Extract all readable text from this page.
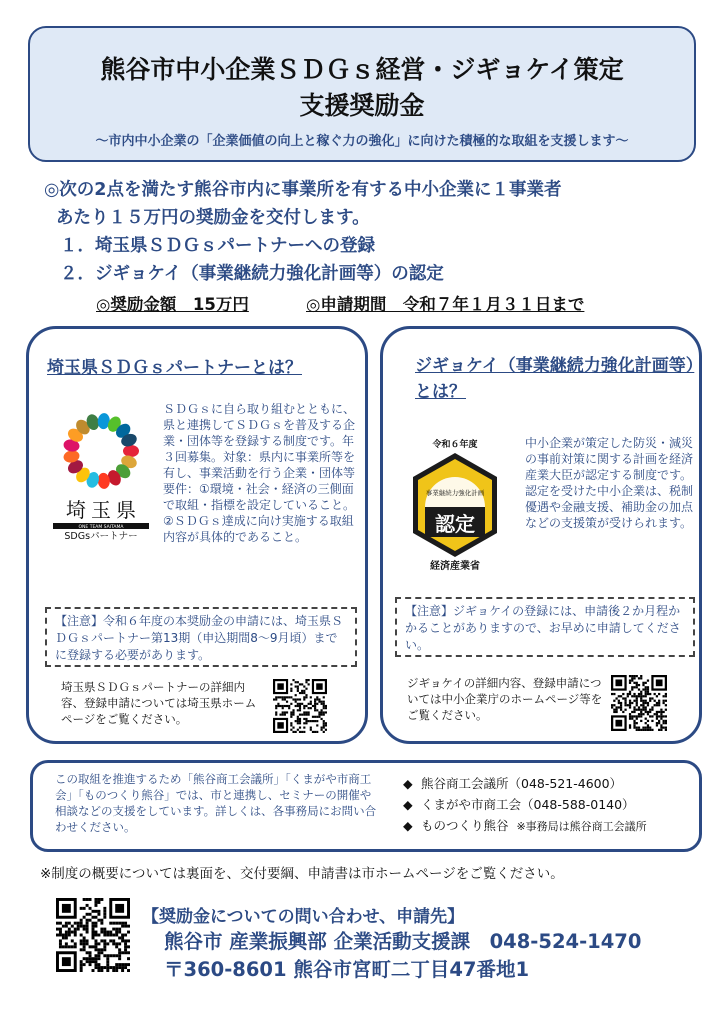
熊谷市中小企業ＳＤＧｓ経営・ジギョケイ策定
支援奨励金
～市内中小企業の「企業価値の向上と稼ぐ力の強化」に向けた積極的な取組を支援します～
◎次の2点を満たす熊谷市内に事業所を有する中小企業に１事業者
あたり１５万円の奨励金を交付します。
１．埼玉県ＳＤＧｓパートナーへの登録
２．ジギョケイ（事業継続力強化計画等）の認定
◎奨励金額　15万円	◎申請期間　令和７年１月３１日まで
埼玉県ＳＤＧｓパートナーとは？
埼 玉 県
ONE TEAM SAITAMA
SDGsパートナー
ＳＤＧｓに自ら取り組むとともに、県と連携してＳＤＧｓを普及する企業・団体等を登録する制度です。年３回募集。対象：県内に事業所等を有し、事業活動を行う企業・団体等　要件：①環境・社会・経済の三側面で取組・指標を設定していること。②ＳＤＧｓ達成に向け実施する取組内容が具体的であること。
【注意】令和６年度の本奨励金の申請には、埼玉県ＳＤＧｓパートナー第13期（申込期間8～9月頃）までに登録する必要があります。
埼玉県ＳＤＧｓパートナーの詳細内容、登録申請については埼玉県ホームページをご覧ください。
ジギョケイ（事業継続力強化計画等）とは？
令和６年度
認定
事業継続力強化計画
経済産業省
中小企業が策定した防災・減災の事前対策に関する計画を経済産業大臣が認定する制度です。認定を受けた中小企業は、税制優遇や金融支援、補助金の加点などの支援策が受けられます。
【注意】ジギョケイの登録には、申請後２か月程かかることがありますので、お早めに申請してください。
ジギョケイの詳細内容、登録申請については中小企業庁のホームページ等をご覧ください。
この取組を推進するため「熊谷商工会議所」「くまがや市商工会」「ものつくり熊谷」では、市と連携し、セミナーの開催や相談などの支援をしています。詳しくは、各事務局にお問い合わせください。
◆ 熊谷商工会議所（048-521-4600）
◆ くまがや市商工会（048-588-0140）
◆ ものつくり熊谷 ※事務局は熊谷商工会議所
※制度の概要については裏面を、交付要綱、申請書は市ホームページをご覧ください。
【奨励金についての問い合わせ、申請先】
熊谷市 産業振興部 企業活動支援課　048-524-1470
〒360-8601 熊谷市宮町二丁目47番地1
